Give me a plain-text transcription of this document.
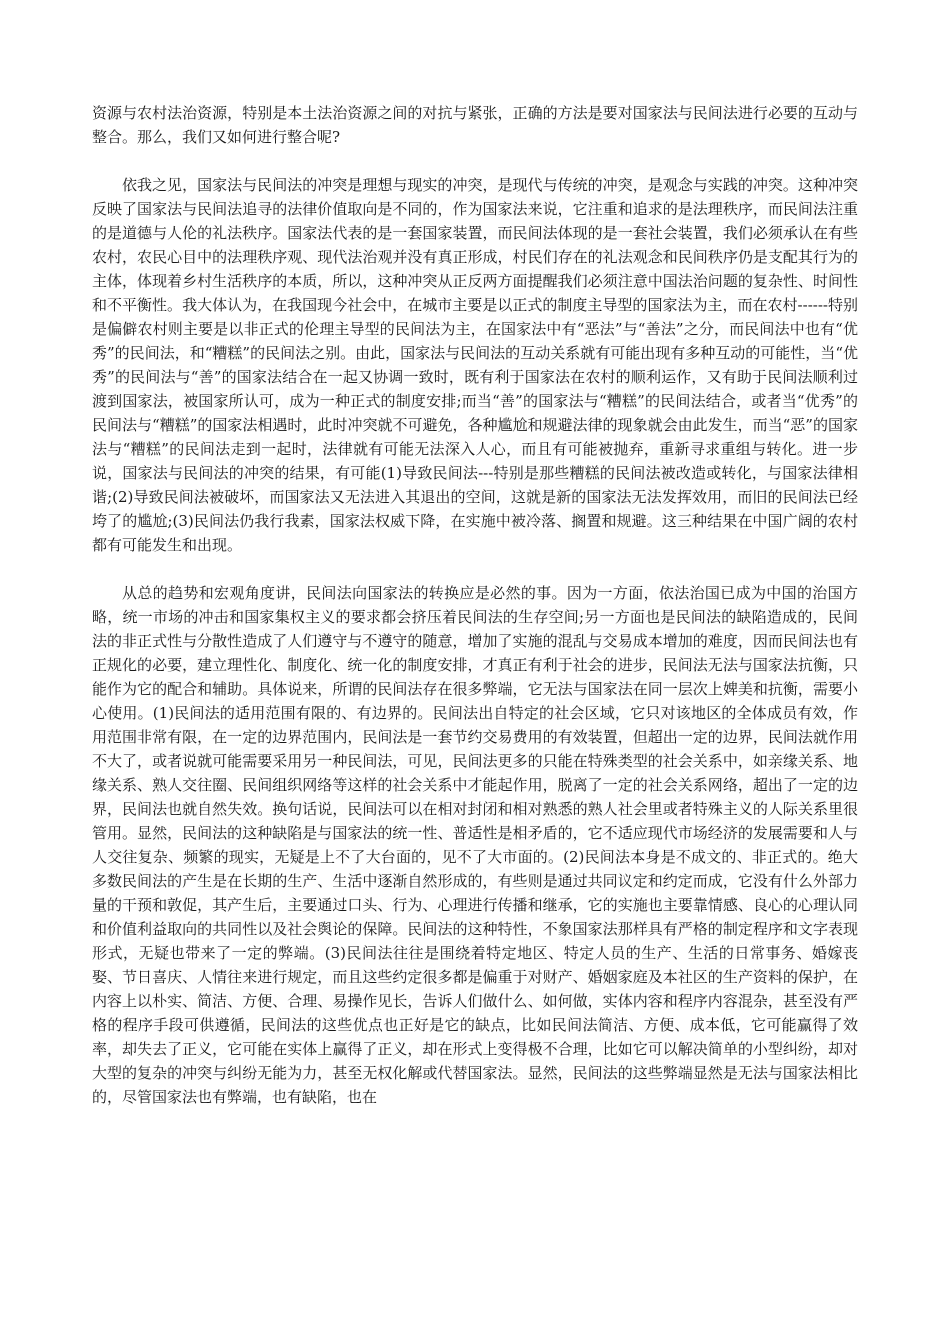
资源与农村法治资源，特别是本土法治资源之间的对抗与紧张，正确的方法是要对国家法与民间法进行必要的互动与整合。那么，我们又如何进行整合呢?

依我之见，国家法与民间法的冲突是理想与现实的冲突，是现代与传统的冲突，是观念与实践的冲突。这种冲突反映了国家法与民间法追寻的法律价值取向是不同的，作为国家法来说，它注重和追求的是法理秩序，而民间法注重的是道德与人伦的礼法秩序。国家法代表的是一套国家装置，而民间法体现的是一套社会装置，我们必须承认在有些农村，农民心目中的法理秩序观、现代法治观并没有真正形成，村民们存在的礼法观念和民间秩序仍是支配其行为的主体，体现着乡村生活秩序的本质，所以，这种冲突从正反两方面提醒我们必须注意中国法治问题的复杂性、时间性和不平衡性。我大体认为，在我国现今社会中，在城市主要是以正式的制度主导型的国家法为主，而在农村------特别是偏僻农村则主要是以非正式的伦理主导型的民间法为主，在国家法中有“恶法”与“善法”之分，而民间法中也有“优秀”的民间法，和“糟糕”的民间法之别。由此，国家法与民间法的互动关系就有可能出现有多种互动的可能性，当“优秀”的民间法与“善”的国家法结合在一起又协调一致时，既有利于国家法在农村的顺利运作，又有助于民间法顺利过渡到国家法，被国家所认可，成为一种正式的制度安排;而当“善”的国家法与“糟糕”的民间法结合，或者当“优秀”的民间法与“糟糕”的国家法相遇时，此时冲突就不可避免，各种尴尬和规避法律的现象就会由此发生，而当“恶”的国家法与“糟糕”的民间法走到一起时，法律就有可能无法深入人心，而且有可能被抛弃，重新寻求重组与转化。进一步说，国家法与民间法的冲突的结果，有可能(1)导致民间法---特别是那些糟糕的民间法被改造或转化，与国家法律相谐;(2)导致民间法被破坏，而国家法又无法进入其退出的空间，这就是新的国家法无法发挥效用，而旧的民间法已经垮了的尴尬;(3)民间法仍我行我素，国家法权威下降，在实施中被冷落、搁置和规避。这三种结果在中国广阔的农村都有可能发生和出现。

从总的趋势和宏观角度讲，民间法向国家法的转换应是必然的事。因为一方面，依法治国已成为中国的治国方略，统一市场的冲击和国家集权主义的要求都会挤压着民间法的生存空间;另一方面也是民间法的缺陷造成的，民间法的非正式性与分散性造成了人们遵守与不遵守的随意，增加了实施的混乱与交易成本增加的难度，因而民间法也有正规化的必要，建立理性化、制度化、统一化的制度安排，才真正有利于社会的进步，民间法无法与国家法抗衡，只能作为它的配合和辅助。具体说来，所谓的民间法存在很多弊端，它无法与国家法在同一层次上婢美和抗衡，需要小心使用。(1)民间法的适用范围有限的、有边界的。民间法出自特定的社会区域，它只对该地区的全体成员有效，作用范围非常有限，在一定的边界范围内，民间法是一套节约交易费用的有效装置，但超出一定的边界，民间法就作用不大了，或者说就可能需要采用另一种民间法，可见，民间法更多的只能在特殊类型的社会关系中，如亲缘关系、地缘关系、熟人交往圈、民间组织网络等这样的社会关系中才能起作用，脱离了一定的社会关系网络，超出了一定的边界，民间法也就自然失效。换句话说，民间法可以在相对封闭和相对熟悉的熟人社会里或者特殊主义的人际关系里很管用。显然，民间法的这种缺陷是与国家法的统一性、普适性是相矛盾的，它不适应现代市场经济的发展需要和人与人交往复杂、频繁的现实，无疑是上不了大台面的，见不了大市面的。(2)民间法本身是不成文的、非正式的。绝大多数民间法的产生是在长期的生产、生活中逐渐自然形成的，有些则是通过共同议定和约定而成，它没有什么外部力量的干预和敦促，其产生后，主要通过口头、行为、心理进行传播和继承，它的实施也主要靠情感、良心的心理认同和价值利益取向的共同性以及社会舆论的保障。民间法的这种特性，不象国家法那样具有严格的制定程序和文字表现形式，无疑也带来了一定的弊端。(3)民间法往往是围绕着特定地区、特定人员的生产、生活的日常事务、婚嫁丧娶、节日喜庆、人情往来进行规定，而且这些约定很多都是偏重于对财产、婚姻家庭及本社区的生产资料的保护，在内容上以朴实、简洁、方便、合理、易操作见长，告诉人们做什么、如何做，实体内容和程序内容混杂，甚至没有严格的程序手段可供遵循，民间法的这些优点也正好是它的缺点，比如民间法简洁、方便、成本低，它可能赢得了效率，却失去了正义，它可能在实体上赢得了正义，却在形式上变得极不合理，比如它可以解决简单的小型纠纷，却对大型的复杂的冲突与纠纷无能为力，甚至无权化解或代替国家法。显然，民间法的这些弊端显然是无法与国家法相比的，尽管国家法也有弊端，也有缺陷，也在
